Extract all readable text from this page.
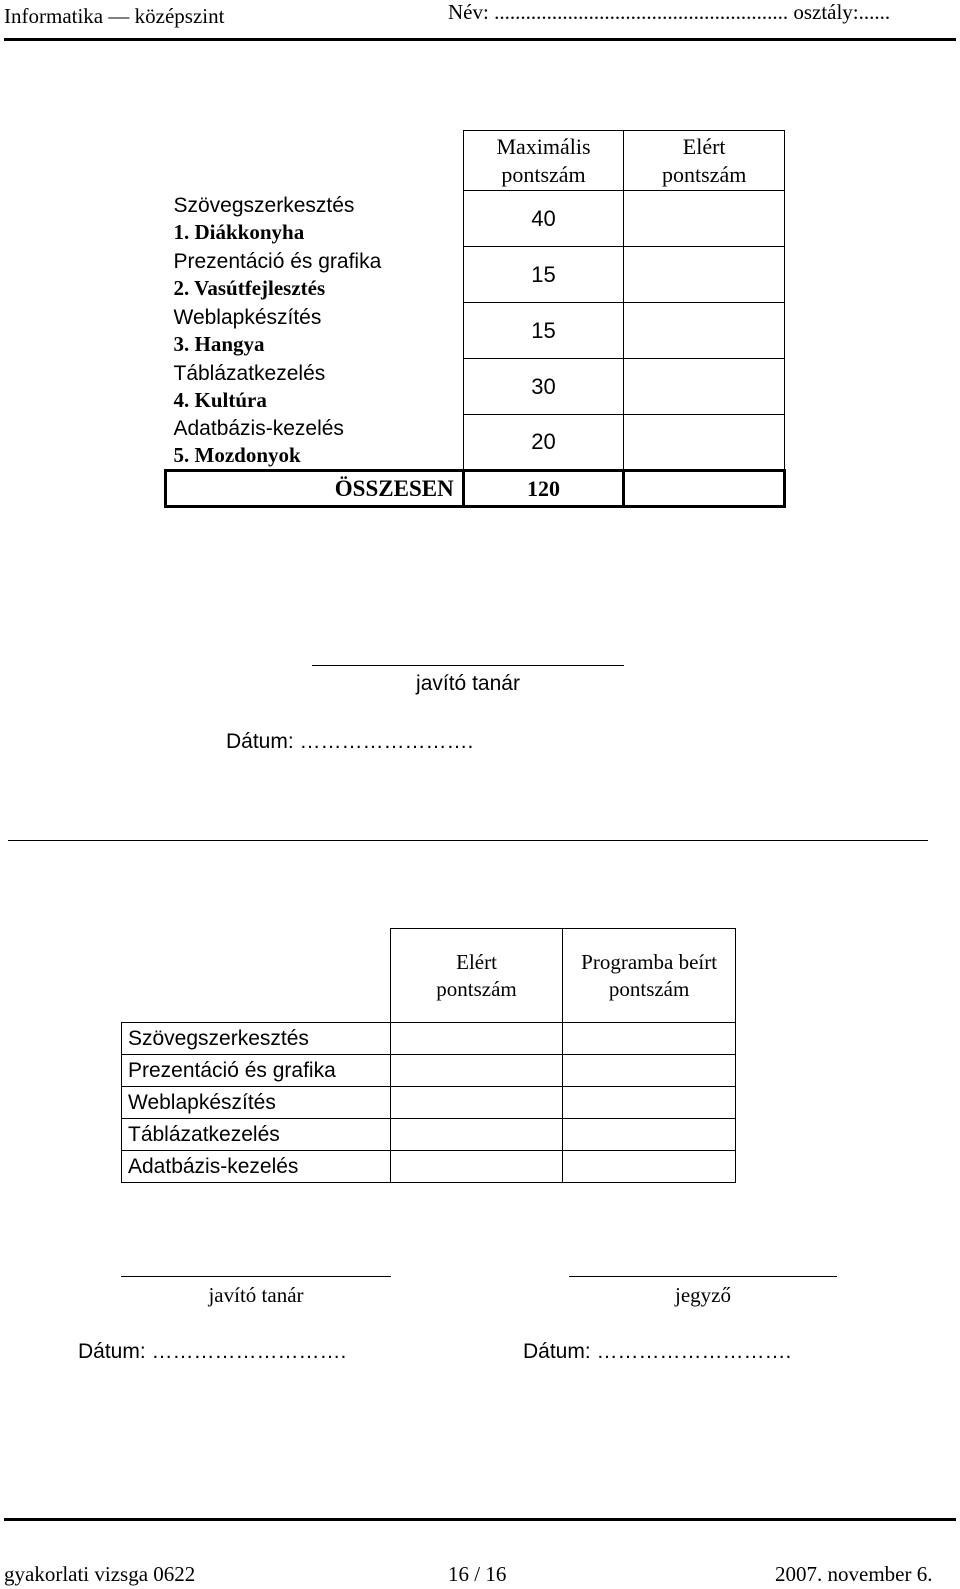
Informatika — középszint	Név: ........................................................ osztály:......
	Maximális pontszám	Elért pontszám

Szövegszerkesztés
1. Diákkonyha	40	

Prezentáció és grafika
2. Vasútfejlesztés	15	

Weblapkészítés
3. Hangya	15	

Táblázatkezelés
4. Kultúra	30	

Adatbázis-kezelés
5. Mozdonyok	20	
ÖSSZESEN	120	
javító tanár
Dátum: …………………….
	Elért pontszám	Programba beírt pontszám
Szövegszerkesztés		
Prezentáció és grafika		
Weblapkészítés		
Táblázatkezelés		
Adatbázis-kezelés		
javító tanár	jegyző
Dátum: ……………………….	Dátum: ……………………….
gyakorlati vizsga 0622	16 / 16	2007. november 6.
